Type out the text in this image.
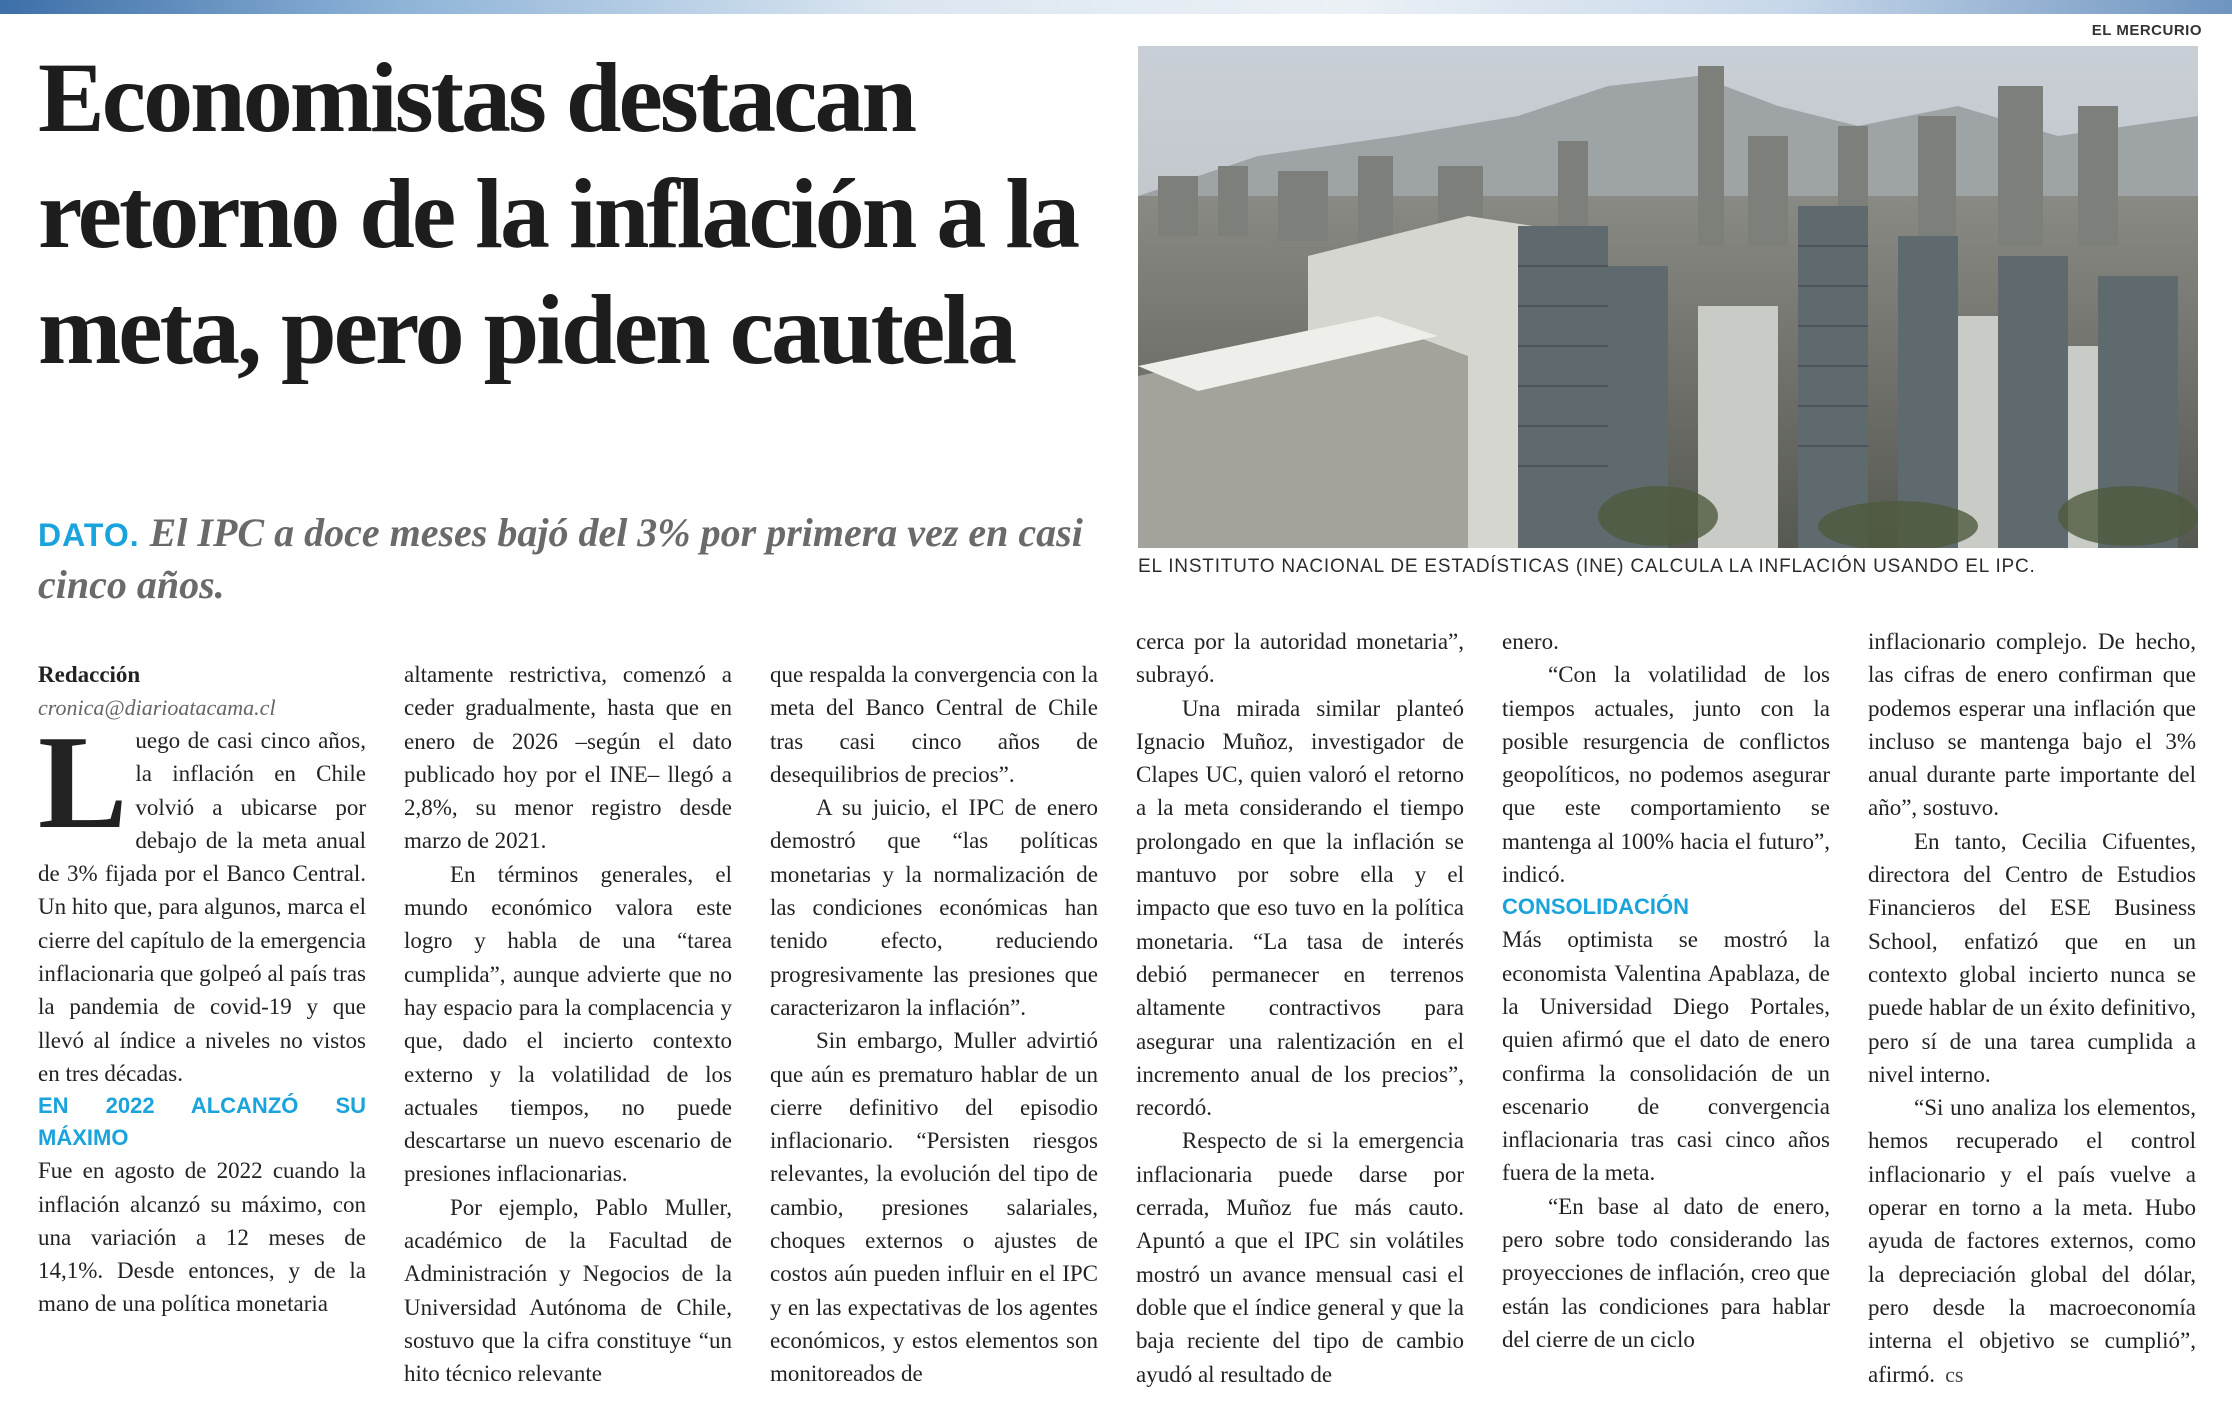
EL MERCURIO
Economistas destacan retorno de la inflación a la meta, pero piden cautela
DATO. El IPC a doce meses bajó del 3% por primera vez en casi cinco años.	EL INSTITUTO NACIONAL DE ESTADÍSTICAS (INE) CALCULA LA INFLACIÓN USANDO EL IPC.

Redacción

cronica@diarioatacama.cl

Luego de casi cinco años, la inflación en Chile volvió a ubicarse por debajo de la meta anual de 3% fijada por el Banco Central. Un hito que, para algunos, marca el cierre del capítulo de la emergencia inflacionaria que golpeó al país tras la pandemia de covid-19 y que llevó al índice a niveles no vistos en tres décadas.

EN 2022 ALCANZÓ SU MÁXIMO

Fue en agosto de 2022 cuando la inflación alcanzó su máximo, con una variación a 12 meses de 14,1%. Desde entonces, y de la mano de una política monetaria

altamente restrictiva, comenzó a ceder gradualmente, hasta que en enero de 2026 –según el dato publicado hoy por el INE– llegó a 2,8%, su menor registro desde marzo de 2021.

En términos generales, el mundo económico valora este logro y habla de una “tarea cumplida”, aunque advierte que no hay espacio para la complacencia y que, dado el incierto contexto externo y la volatilidad de los actuales tiempos, no puede descartarse un nuevo escenario de presiones inflacionarias.

Por ejemplo, Pablo Muller, académico de la Facultad de Administración y Negocios de la Universidad Autónoma de Chile, sostuvo que la cifra constituye “un hito técnico relevante

que respalda la convergencia con la meta del Banco Central de Chile tras casi cinco años de desequilibrios de precios”.

A su juicio, el IPC de enero demostró que “las políticas monetarias y la normalización de las condiciones económicas han tenido efecto, reduciendo progresivamente las presiones que caracterizaron la inflación”.

Sin embargo, Muller advirtió que aún es prematuro hablar de un cierre definitivo del episodio inflacionario. “Persisten riesgos relevantes, la evolución del tipo de cambio, presiones salariales, choques externos o ajustes de costos aún pueden influir en el IPC y en las expectativas de los agentes económicos, y estos elementos son monitoreados de

cerca por la autoridad monetaria”, subrayó.

Una mirada similar planteó Ignacio Muñoz, investigador de Clapes UC, quien valoró el retorno a la meta considerando el tiempo prolongado en que la inflación se mantuvo por sobre ella y el impacto que eso tuvo en la política monetaria. “La tasa de interés debió permanecer en terrenos altamente contractivos para asegurar una ralentización en el incremento anual de los precios”, recordó.

Respecto de si la emergencia inflacionaria puede darse por cerrada, Muñoz fue más cauto. Apuntó a que el IPC sin volátiles mostró un avance mensual casi el doble que el índice general y que la baja reciente del tipo de cambio ayudó al resultado de

enero.

“Con la volatilidad de los tiempos actuales, junto con la posible resurgencia de conflictos geopolíticos, no podemos asegurar que este comportamiento se mantenga al 100% hacia el futuro”, indicó.

CONSOLIDACIÓN

Más optimista se mostró la economista Valentina Apablaza, de la Universidad Diego Portales, quien afirmó que el dato de enero confirma la consolidación de un escenario de convergencia inflacionaria tras casi cinco años fuera de la meta.

“En base al dato de enero, pero sobre todo considerando las proyecciones de inflación, creo que están las condiciones para hablar del cierre de un ciclo

inflacionario complejo. De hecho, las cifras de enero confirman que podemos esperar una inflación que incluso se mantenga bajo el 3% anual durante parte importante del año”, sostuvo.

En tanto, Cecilia Cifuentes, directora del Centro de Estudios Financieros del ESE Business School, enfatizó que en un contexto global incierto nunca se puede hablar de un éxito definitivo, pero sí de una tarea cumplida a nivel interno.

“Si uno analiza los elementos, hemos recuperado el control inflacionario y el país vuelve a operar en torno a la meta. Hubo ayuda de factores externos, como la depreciación global del dólar, pero desde la macroeconomía interna el objetivo se cumplió”, afirmó. cs
